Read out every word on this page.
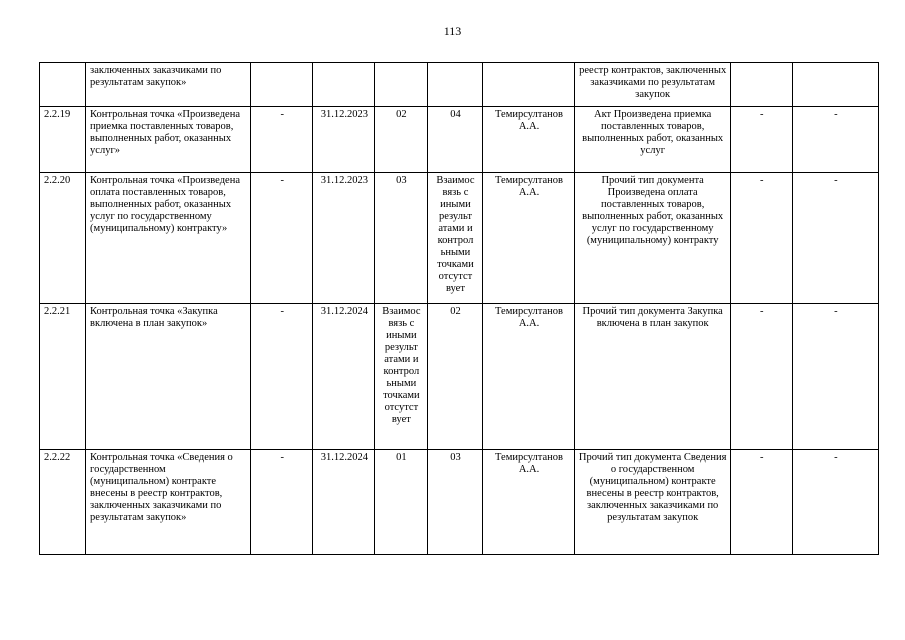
113
	заключенных заказчиками по результатам закупок»						реестр контрактов, заключенных заказчиками по результатам закупок		
2.2.19	Контрольная точка «Произведена приемка поставленных товаров, выполненных работ, оказанных услуг»	-	31.12.2023	02	04	Темирсултанов А.А.	Акт Произведена приемка поставленных товаров, выполненных работ, оказанных услуг	-	-
2.2.20	Контрольная точка «Произведена оплата поставленных товаров, выполненных работ, оказанных услуг по государственному (муниципальному) контракту»	-	31.12.2023	03	Взаимос вязь с иными результ атами и контрол ьными точками отсутст вует	Темирсултанов А.А.	Прочий тип документа Произведена оплата поставленных товаров, выполненных работ, оказанных услуг по государственному (муниципальному) контракту	-	-
2.2.21	Контрольная точка «Закупка включена в план закупок»	-	31.12.2024	Взаимос вязь с иными результ атами и контрол ьными точками отсутст вует	02	Темирсултанов А.А.	Прочий тип документа Закупка включена в план закупок	-	-
2.2.22	Контрольная точка «Сведения о государственном (муниципальном) контракте внесены в реестр контрактов, заключенных заказчиками по результатам закупок»	-	31.12.2024	01	03	Темирсултанов А.А.	Прочий тип документа Сведения о государственном (муниципальном) контракте внесены в реестр контрактов, заключенных заказчиками по результатам закупок	-	-
